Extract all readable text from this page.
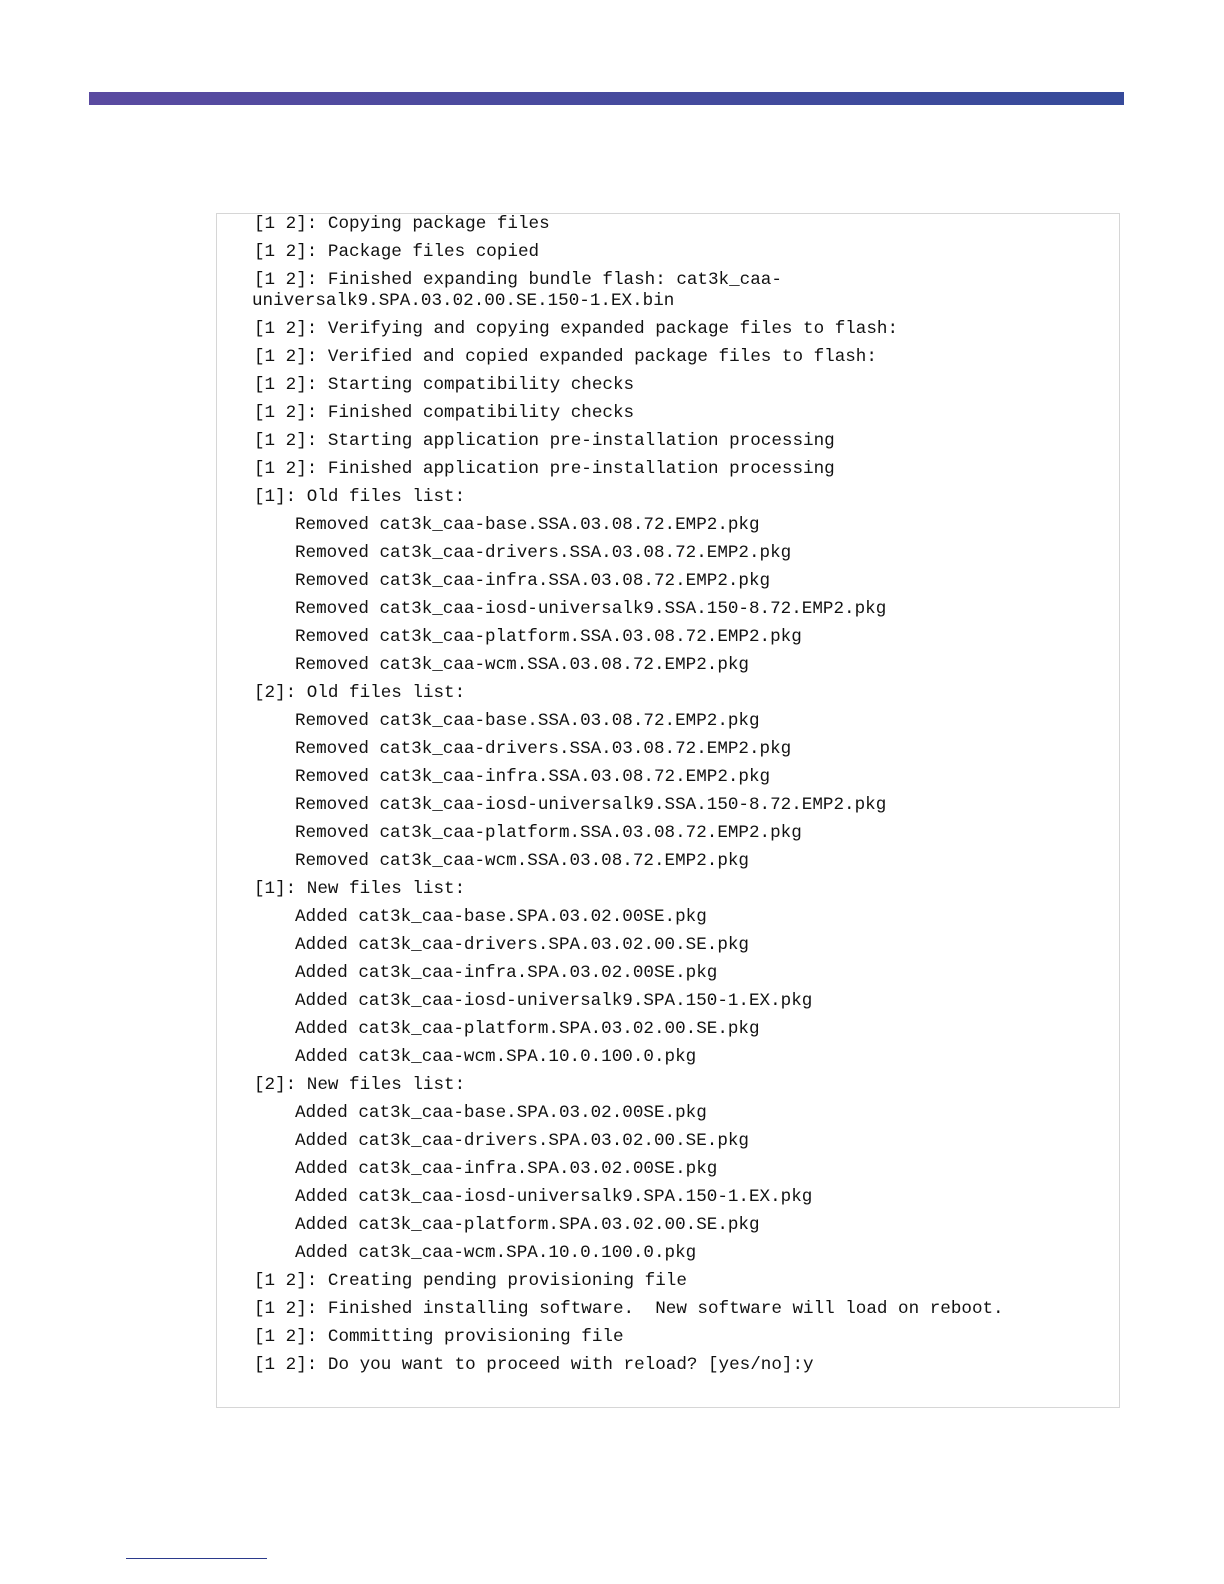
[1 2]: Copying package files
[1 2]: Package files copied
[1 2]: Finished expanding bundle flash: cat3k_caa-
universalk9.SPA.03.02.00.SE.150-1.EX.bin
[1 2]: Verifying and copying expanded package files to flash:
[1 2]: Verified and copied expanded package files to flash:
[1 2]: Starting compatibility checks
[1 2]: Finished compatibility checks
[1 2]: Starting application pre-installation processing
[1 2]: Finished application pre-installation processing
[1]: Old files list:
Removed cat3k_caa-base.SSA.03.08.72.EMP2.pkg
Removed cat3k_caa-drivers.SSA.03.08.72.EMP2.pkg
Removed cat3k_caa-infra.SSA.03.08.72.EMP2.pkg
Removed cat3k_caa-iosd-universalk9.SSA.150-8.72.EMP2.pkg
Removed cat3k_caa-platform.SSA.03.08.72.EMP2.pkg
Removed cat3k_caa-wcm.SSA.03.08.72.EMP2.pkg
[2]: Old files list:
Removed cat3k_caa-base.SSA.03.08.72.EMP2.pkg
Removed cat3k_caa-drivers.SSA.03.08.72.EMP2.pkg
Removed cat3k_caa-infra.SSA.03.08.72.EMP2.pkg
Removed cat3k_caa-iosd-universalk9.SSA.150-8.72.EMP2.pkg
Removed cat3k_caa-platform.SSA.03.08.72.EMP2.pkg
Removed cat3k_caa-wcm.SSA.03.08.72.EMP2.pkg
[1]: New files list:
Added cat3k_caa-base.SPA.03.02.00SE.pkg
Added cat3k_caa-drivers.SPA.03.02.00.SE.pkg
Added cat3k_caa-infra.SPA.03.02.00SE.pkg
Added cat3k_caa-iosd-universalk9.SPA.150-1.EX.pkg
Added cat3k_caa-platform.SPA.03.02.00.SE.pkg
Added cat3k_caa-wcm.SPA.10.0.100.0.pkg
[2]: New files list:
Added cat3k_caa-base.SPA.03.02.00SE.pkg
Added cat3k_caa-drivers.SPA.03.02.00.SE.pkg
Added cat3k_caa-infra.SPA.03.02.00SE.pkg
Added cat3k_caa-iosd-universalk9.SPA.150-1.EX.pkg
Added cat3k_caa-platform.SPA.03.02.00.SE.pkg
Added cat3k_caa-wcm.SPA.10.0.100.0.pkg
[1 2]: Creating pending provisioning file
[1 2]: Finished installing software.  New software will load on reboot.
[1 2]: Committing provisioning file
[1 2]: Do you want to proceed with reload? [yes/no]:y
